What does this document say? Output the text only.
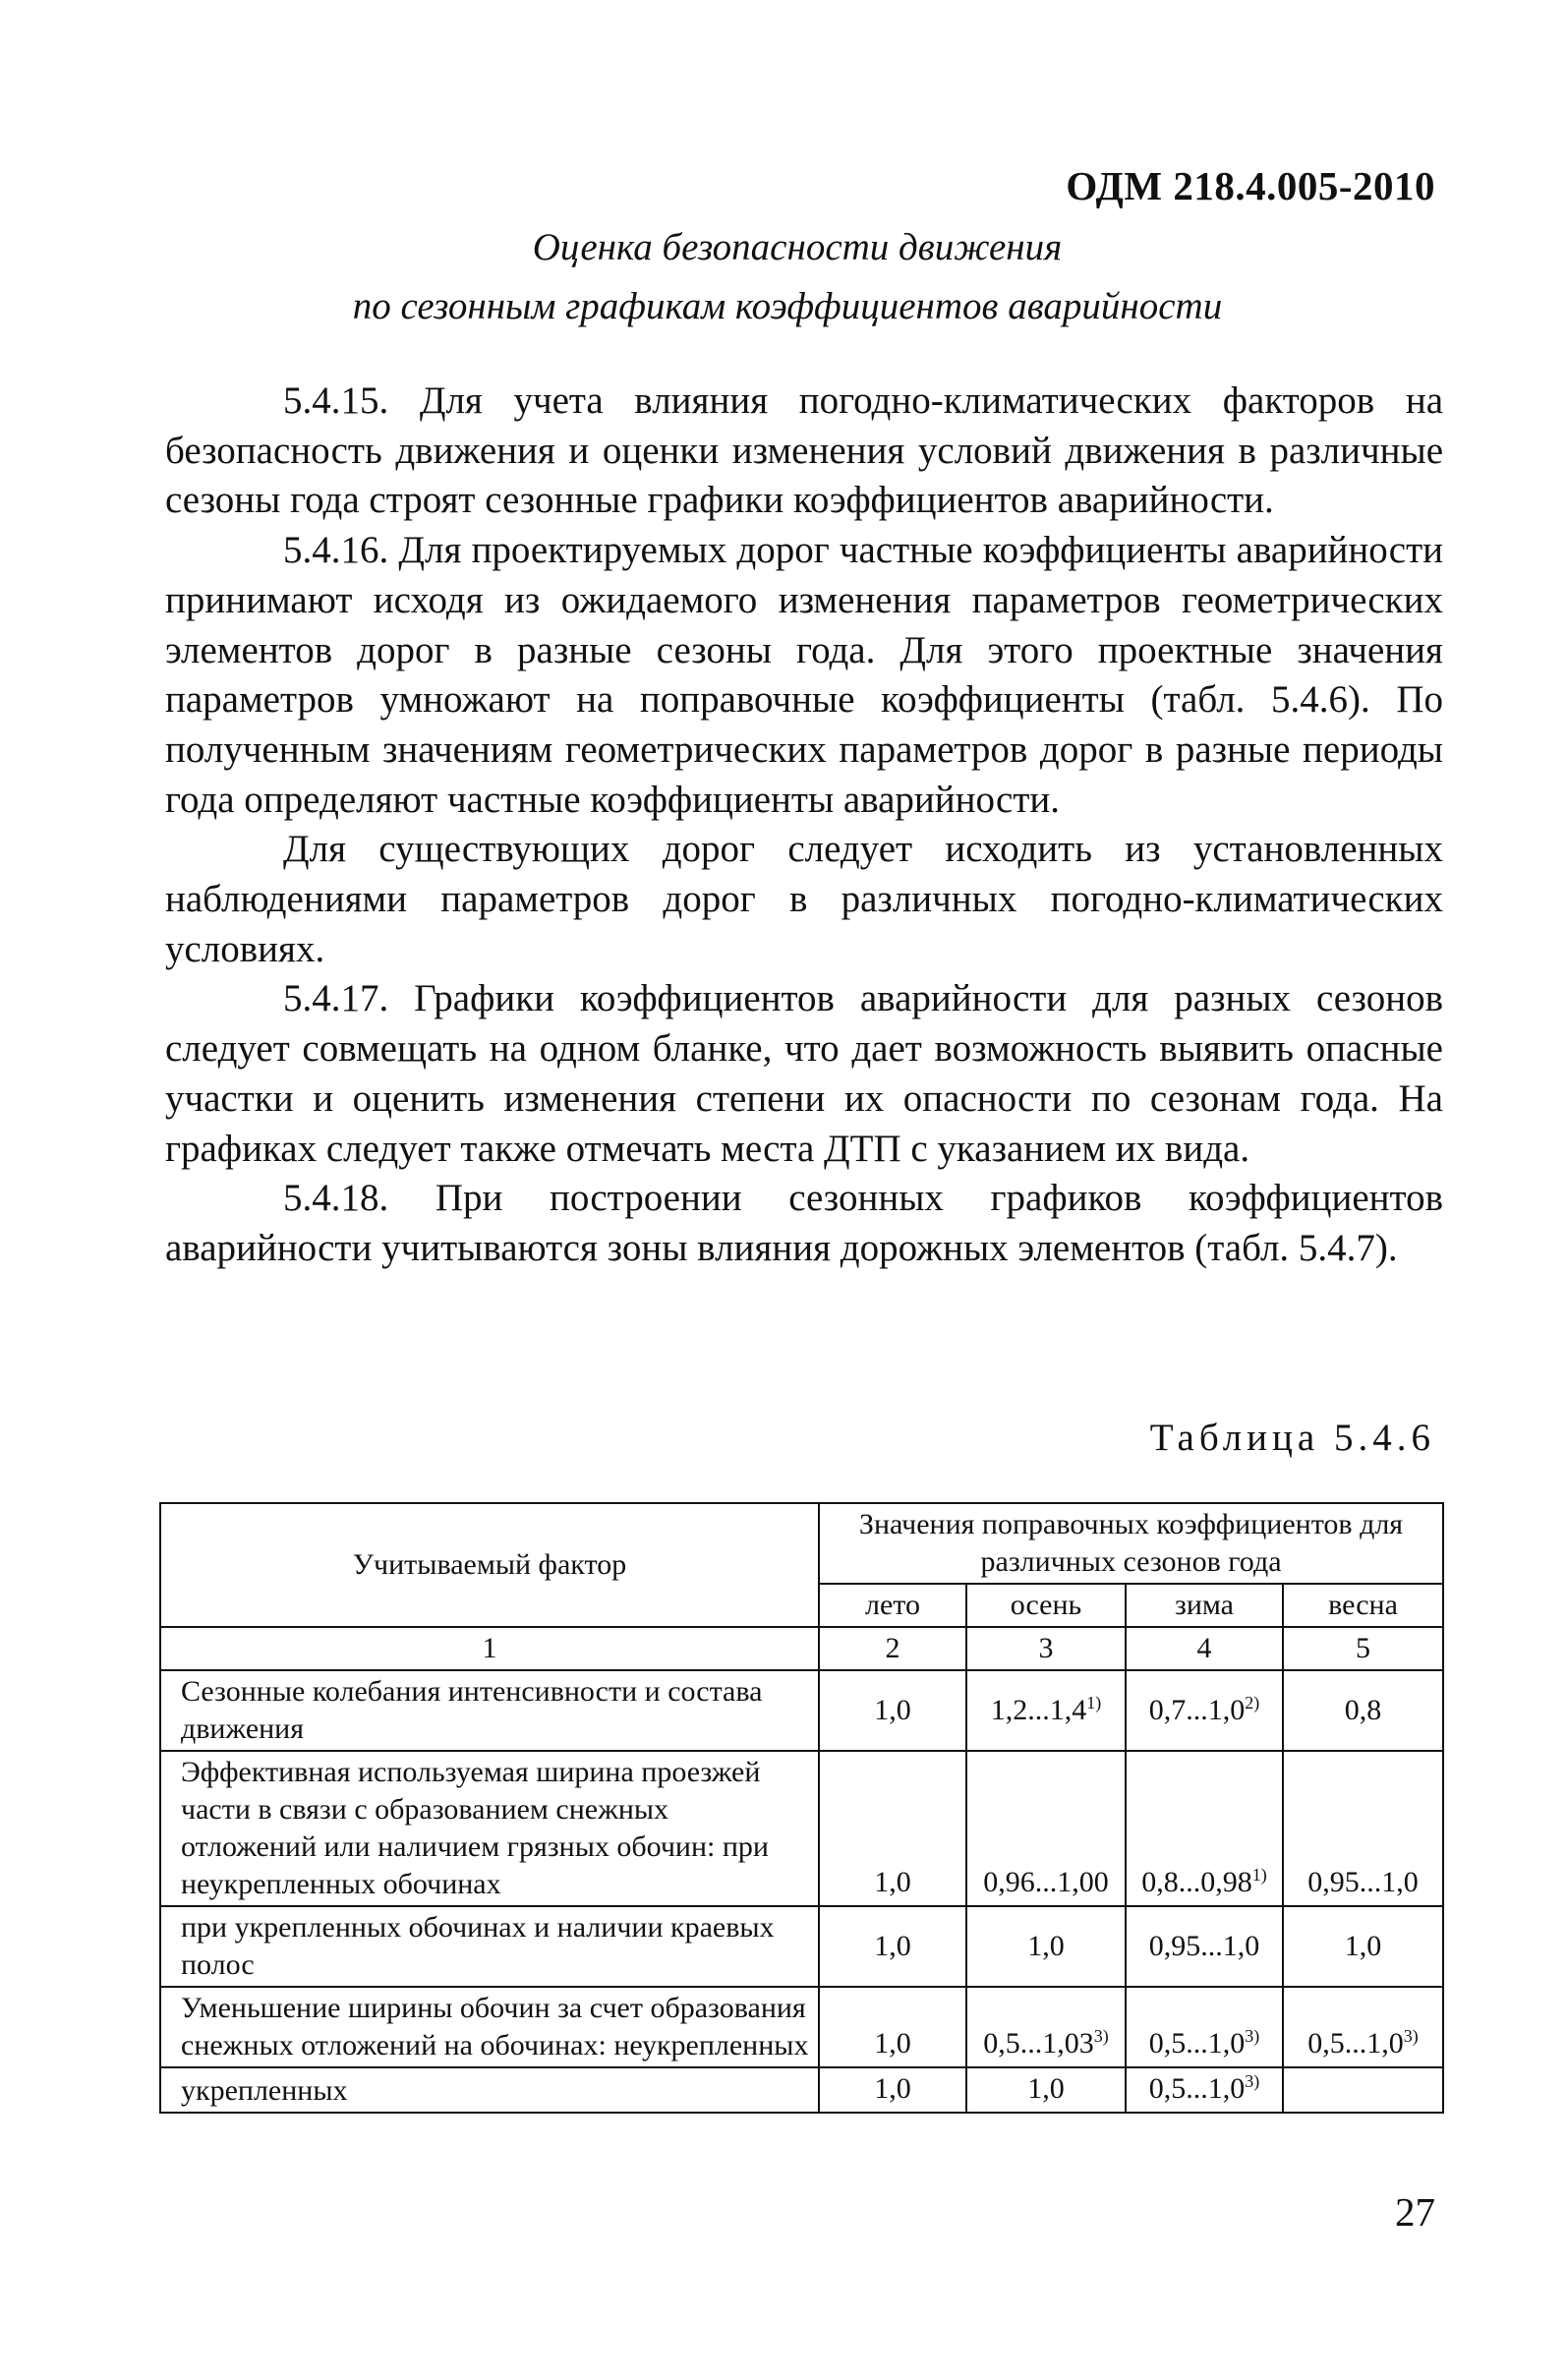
ОДМ 218.4.005-2010
Оценка безопасности движения
по сезонным графикам коэффициентов аварийности

5.4.15. Для учета влияния погодно-климатических факторов на безопасность движения и оценки изменения условий движения в различные сезоны года строят сезонные графики коэффициентов аварийности.

5.4.16. Для проектируемых дорог частные коэффициенты аварийности принимают исходя из ожидаемого изменения параметров геометрических элементов дорог в разные сезоны года. Для этого проектные значения параметров умножают на поправочные коэффициенты (табл. 5.4.6). По полученным значениям геометрических параметров дорог в разные периоды года определяют частные коэффициенты аварийности.

Для существующих дорог следует исходить из установленных наблюдениями параметров дорог в различных погодно-климатических условиях.

5.4.17. Графики коэффициентов аварийности для разных сезонов следует совмещать на одном бланке, что дает возможность выявить опасные участки и оценить изменения степени их опасности по сезонам года. На графиках следует также отмечать места ДТП с указанием их вида.

5.4.18. При построении сезонных графиков коэффициентов аварийности учитываются зоны влияния дорожных элементов (табл. 5.4.7).

Таблица 5.4.6
Учитываемый фактор	Значения поправочных коэффициентов для различных сезонов года			
	лето	осень	зима	весна
1	2	3	4	5
Сезонные колебания интенсивности и состава движения	1,0	1,2...1,4$^{1)}$	0,7...1,0$^{2)}$	0,8
Эффективная используемая ширина проезжей части в связи с образованием снежных отложений или наличием грязных обочин: при неукрепленных обочинах	1,0	0,96...1,00	0,8...0,98$^{1)}$	0,95...1,0
при укрепленных обочинах и наличии краевых полос	1,0	1,0	0,95...1,0	1,0
Уменьшение ширины обочин за счет образования снежных отложений на обочинах: неукрепленных	1,0	0,5...1,03$^{3)}$	0,5...1,0$^{3)}$	0,5...1,0$^{3)}$
укрепленных	1,0	1,0	0,5...1,0$^{3)}$	
27
